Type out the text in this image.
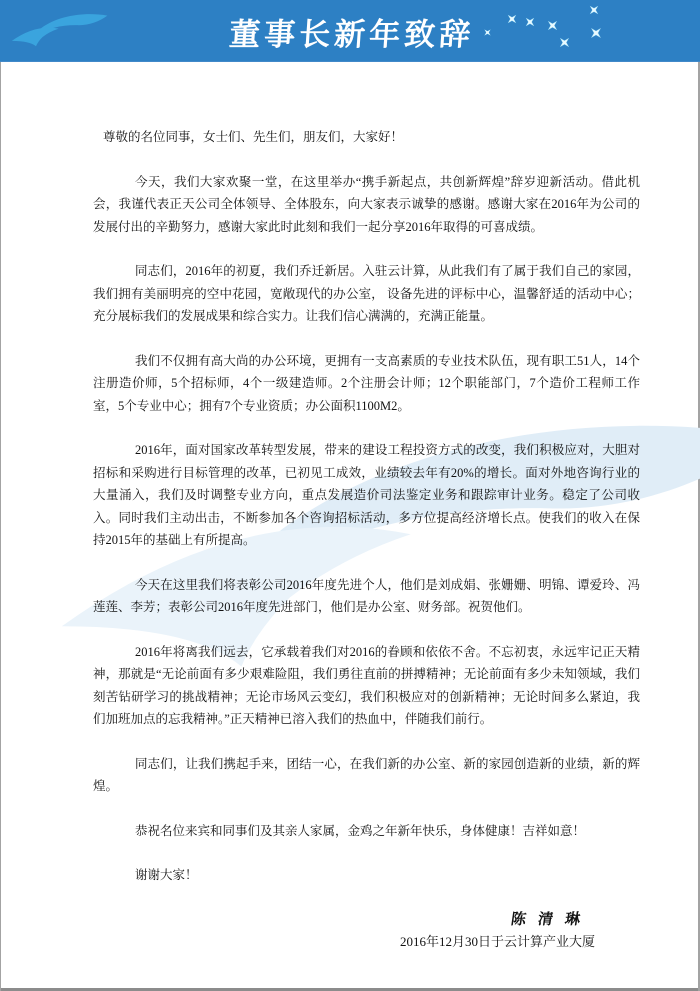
董事长新年致辞

尊敬的名位同事，女士们、先生们，朋友们，大家好！

今天，我们大家欢聚一堂，在这里举办“携手新起点，共创新辉煌”辞岁迎新活动。借此机会，我谨代表正天公司全体领导、全体股东，向大家表示诚挚的感谢。感谢大家在2016年为公司的发展付出的辛勤努力，感谢大家此时此刻和我们一起分享2016年取得的可喜成绩。

同志们，2016年的初夏，我们乔迁新居。入驻云计算，从此我们有了属于我们自己的家园，我们拥有美丽明亮的空中花园，宽敞现代的办公室， 设备先进的评标中心，温馨舒适的活动中心；充分展标我们的发展成果和综合实力。让我们信心满满的，充满正能量。

我们不仅拥有高大尚的办公环境，更拥有一支高素质的专业技术队伍，现有职工51人，14个注册造价师，5个招标师，4个一级建造师。2个注册会计师；12个职能部门，7个造价工程师工作室，5个专业中心；拥有7个专业资质；办公面积1100M2。

2016年，面对国家改革转型发展，带来的建设工程投资方式的改变，我们积极应对，大胆对招标和采购进行目标管理的改革，已初见工成效，业绩较去年有20%的增长。面对外地咨询行业的大量涌入，我们及时调整专业方向，重点发展造价司法鉴定业务和跟踪审计业务。稳定了公司收入。同时我们主动出击，不断参加各个咨询招标活动，多方位提高经济增长点。使我们的收入在保持2015年的基础上有所提高。

今天在这里我们将表彰公司2016年度先进个人，他们是刘成娟、张姗姗、明锦、谭爱玲、冯莲莲、李芳；表彰公司2016年度先进部门，他们是办公室、财务部。祝贺他们。

2016年将离我们远去，它承载着我们对2016的眷顾和依依不舍。不忘初衷，永远牢记正天精神，那就是“无论前面有多少艰难险阻，我们勇往直前的拼搏精神；无论前面有多少未知领域，我们刻苦钻研学习的挑战精神；无论市场风云变幻，我们积极应对的创新精神；无论时间多么紧迫，我们加班加点的忘我精神。”正天精神已溶入我们的热血中，伴随我们前行。

同志们，让我们携起手来，团结一心，在我们新的办公室、新的家园创造新的业绩，新的辉煌。

恭祝名位来宾和同事们及其亲人家属，金鸡之年新年快乐，身体健康！吉祥如意！

谢谢大家！

陈清琳
2016年12月30日于云计算产业大厦
